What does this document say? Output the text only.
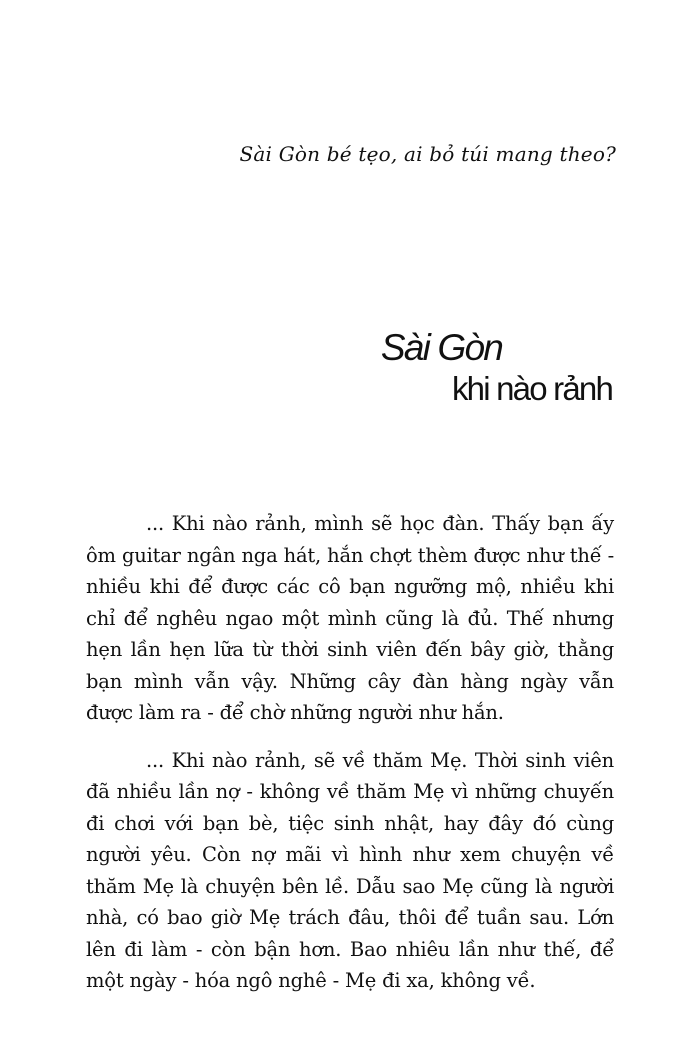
Sài Gòn bé tẹo, ai bỏ túi mang theo?
Sài Gòn
khi nào rảnh

... Khi nào rảnh, mình sẽ học đàn. Thấy bạn ấy ôm guitar ngân nga hát, hắn chợt thèm được như thế - nhiều khi để được các cô bạn ngưỡng mộ, nhiều khi chỉ để nghêu ngao một mình cũng là đủ. Thế nhưng hẹn lần hẹn lữa từ thời sinh viên đến bây giờ, thằng bạn mình vẫn vậy. Những cây đàn hàng ngày vẫn được làm ra - để chờ những người như hắn.

... Khi nào rảnh, sẽ về thăm Mẹ. Thời sinh viên đã nhiều lần nợ - không về thăm Mẹ vì những chuyến đi chơi với bạn bè, tiệc sinh nhật, hay đây đó cùng người yêu. Còn nợ mãi vì hình như xem chuyện về thăm Mẹ là chuyện bên lề. Dẫu sao Mẹ cũng là người nhà, có bao giờ Mẹ trách đâu, thôi để tuần sau. Lớn lên đi làm - còn bận hơn. Bao nhiêu lần như thế, để một ngày - hóa ngô nghê - Mẹ đi xa, không về.
